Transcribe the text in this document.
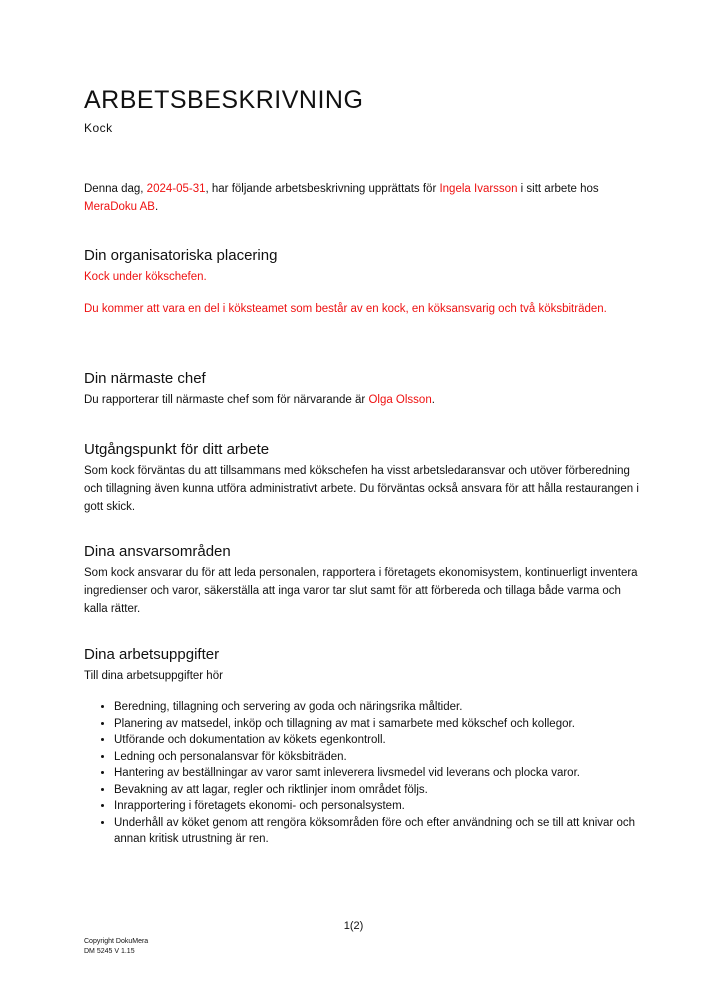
ARBETSBESKRIVNING
Kock

Denna dag, 2024-05-31, har följande arbetsbeskrivning upprättats för Ingela Ivarsson i sitt arbete hos MeraDoku AB.

Din organisatoriska placering

Kock under kökschefen.

Du kommer att vara en del i köksteamet som består av en kock, en köksansvarig och två köksbiträden.

Din närmaste chef

Du rapporterar till närmaste chef som för närvarande är Olga Olsson.

Utgångspunkt för ditt arbete

Som kock förväntas du att tillsammans med kökschefen ha visst arbetsledaransvar och utöver förberedning och tillagning även kunna utföra administrativt arbete. Du förväntas också ansvara för att hålla restaurangen i gott skick.

Dina ansvarsområden

Som kock ansvarar du för att leda personalen, rapportera i företagets ekonomisystem, kontinuerligt inventera ingredienser och varor, säkerställa att inga varor tar slut samt för att förbereda och tillaga både varma och kalla rätter.

Dina arbetsuppgifter

Till dina arbetsuppgifter hör

• Beredning, tillagning och servering av goda och näringsrika måltider.
• Planering av matsedel, inköp och tillagning av mat i samarbete med kökschef och kollegor.
• Utförande och dokumentation av kökets egenkontroll.
• Ledning och personalansvar för köksbiträden.
• Hantering av beställningar av varor samt inleverera livsmedel vid leverans och plocka varor.
• Bevakning av att lagar, regler och riktlinjer inom området följs.
• Inrapportering i företagets ekonomi- och personalsystem.
• Underhåll av köket genom att rengöra köksområden före och efter användning och se till att knivar och annan kritisk utrustning är ren.
1(2)
Copyright DokuMera
DM 5245 V 1.15
